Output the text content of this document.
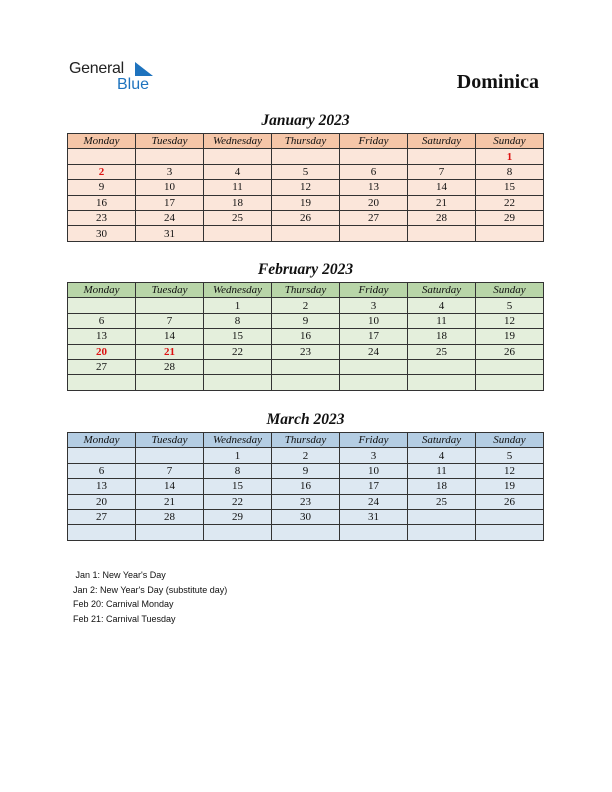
General
Blue	Dominica
January 2023
Monday	Tuesday	Wednesday	Thursday	Friday	Saturday	Sunday
						1
2	3	4	5	6	7	8
9	10	11	12	13	14	15
16	17	18	19	20	21	22
23	24	25	26	27	28	29
30	31					
February 2023
Monday	Tuesday	Wednesday	Thursday	Friday	Saturday	Sunday
		1	2	3	4	5
6	7	8	9	10	11	12
13	14	15	16	17	18	19
20	21	22	23	24	25	26
27	28					

March 2023
Monday	Tuesday	Wednesday	Thursday	Friday	Saturday	Sunday
		1	2	3	4	5
6	7	8	9	10	11	12
13	14	15	16	17	18	19
20	21	22	23	24	25	26
27	28	29	30	31		

Jan 1: New Year's Day
Jan 2: New Year's Day (substitute day)
Feb 20: Carnival Monday
Feb 21: Carnival Tuesday
